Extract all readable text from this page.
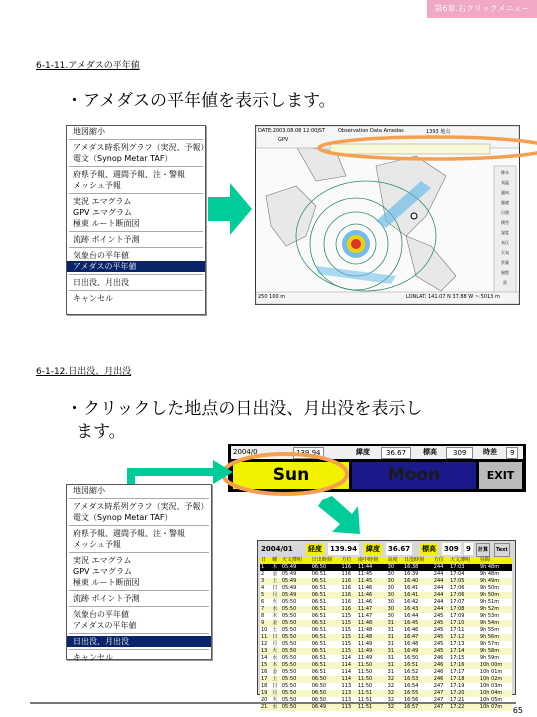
第6章.右クリックメニュー
6-1-11.アメダスの平年値
・アメダスの平年値を表示します。
地図縮小
アメダス時系列グラフ（実況、予報）
電文（Synop Metar TAF）
府県予報、週間予報、注・警報
メッシュ予報
実況 エマグラム
GPV エマグラム
極東 ルート断面図
流跡 ポイント予測
気象台の平年値
アメダスの平年値
日出没、月出没
キャンセル
DATE:2003.08.08 12:00JST	Observation Data Amedas	1393 地点
GPV
降水
気温
風向
風速
日照
積雪
湿度
気圧
天気
雲量
視程
雷
250 100 m	LONLAT: 141.07 N 37.88 W ~.5013 m
6-1-12.日出没、月出没
・クリックした地点の日出没、月出没を表示し
ます。
2004/0	139.94	緯度	36.67	標高	309	時差	9
Sun	Moon	EXIT
地図縮小
アメダス時系列グラフ（実況、予報）
電文（Synop Metar TAF）
府県予報、週間予報、注・警報
メッシュ予報
実況 エマグラム
GPV エマグラム
極東 ルート断面図
流跡 ポイント予測
気象台の平年値
アメダスの平年値
日出没、月出没
キャンセル
2004/01 経度 139.94 緯度 36.67 標高 309 9	計算	Text
日	曜	天文薄明	日出時刻	方位	南中時刻	高度	日没時刻	方位	天文薄明	昼間
1	木	05:49	06:50	116	11:44	30	16:38	244	17:03	9h 48m
2	金	05:49	06:51	116	11:45	30	16:39	244	17:04	9h 48m
3	土	05:49	06:51	116	11:45	30	16:40	244	17:05	9h 49m
4	日	05:49	06:51	116	11:46	30	16:41	244	17:06	9h 50m
5	月	05:49	06:51	116	11:46	30	16:41	244	17:06	9h 50m
6	火	05:50	06:51	116	11:46	30	16:42	244	17:07	9h 51m
7	水	05:50	06:51	116	11:47	30	16:43	244	17:08	9h 52m
8	木	05:50	06:51	115	11:47	30	16:44	245	17:09	9h 53m
9	金	05:50	06:51	115	11:48	31	16:45	245	17:10	9h 54m
10	土	05:50	06:51	115	11:48	31	16:46	245	17:11	9h 55m
11	日	05:50	06:51	115	11:48	31	16:47	245	17:12	9h 56m
12	月	05:50	06:51	115	11:49	31	16:48	245	17:13	9h 57m
13	火	05:50	06:51	115	11:49	31	16:49	245	17:14	9h 58m
14	水	05:50	06:51	114	11:49	31	16:50	246	17:15	9h 59m
15	木	05:50	06:51	114	11:50	31	16:51	246	17:16	10h 00m
16	金	05:50	06:51	114	11:50	31	16:52	246	17:17	10h 01m
17	土	05:50	06:50	114	11:50	32	16:53	246	17:18	10h 02m
18	日	05:50	06:50	113	11:50	32	16:54	247	17:19	10h 03m
19	月	05:50	06:50	113	11:51	32	16:55	247	17:20	10h 04m
20	火	05:50	06:50	113	11:51	32	16:56	247	17:21	10h 05m
21	水	05:50	06:49	113	11:51	32	16:57	247	17:22	10h 07m 65
